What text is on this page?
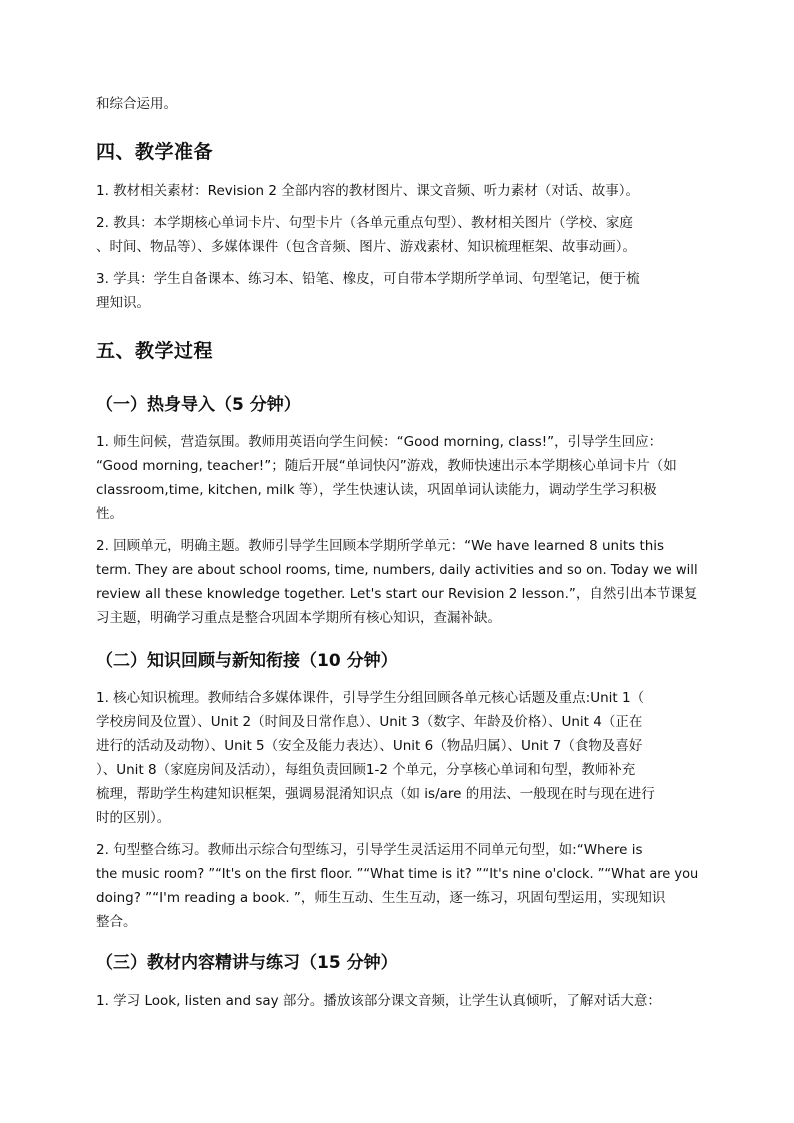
和综合运用。

四、教学准备

1. 教材相关素材：Revision 2 全部内容的教材图片、课文音频、听力素材（对话、故事）。

2. 教具：本学期核心单词卡片、句型卡片（各单元重点句型）、教材相关图片（学校、家庭
、时间、物品等）、多媒体课件（包含音频、图片、游戏素材、知识梳理框架、故事动画）。

3. 学具：学生自备课本、练习本、铅笔、橡皮，可自带本学期所学单词、句型笔记，便于梳
理知识。

五、教学过程

（一）热身导入（5 分钟）

1. 师生问候，营造氛围。教师用英语向学生问候：“Good morning, class!”，引导学生回应：
“Good morning, teacher!”；随后开展“单词快闪”游戏，教师快速出示本学期核心单词卡片（如
classroom,time, kitchen, milk 等），学生快速认读，巩固单词认读能力，调动学生学习积极
性。

2. 回顾单元，明确主题。教师引导学生回顾本学期所学单元：“We have learned 8 units this
term. They are about school rooms, time, numbers, daily activities and so on. Today we will
review all these knowledge together. Let's start our Revision 2 lesson.”，自然引出本节课复
习主题，明确学习重点是整合巩固本学期所有核心知识，查漏补缺。

（二）知识回顾与新知衔接（10 分钟）

1. 核心知识梳理。教师结合多媒体课件，引导学生分组回顾各单元核心话题及重点:Unit 1（
学校房间及位置）、Unit 2（时间及日常作息）、Unit 3（数字、年龄及价格）、Unit 4（正在
进行的活动及动物）、Unit 5（安全及能力表达）、Unit 6（物品归属）、Unit 7（食物及喜好
）、Unit 8（家庭房间及活动），每组负责回顾1-2 个单元，分享核心单词和句型，教师补充
梳理，帮助学生构建知识框架，强调易混淆知识点（如 is/are 的用法、一般现在时与现在进行
时的区别）。

2. 句型整合练习。教师出示综合句型练习，引导学生灵活运用不同单元句型，如:“Where is
the music room? ”“It's on the first floor. ”“What time is it? ”“It's nine o'clock. ”“What are you
doing? ”“I'm reading a book. ”，师生互动、生生互动，逐一练习，巩固句型运用，实现知识
整合。

（三）教材内容精讲与练习（15 分钟）

1. 学习 Look, listen and say 部分。播放该部分课文音频，让学生认真倾听，了解对话大意：
